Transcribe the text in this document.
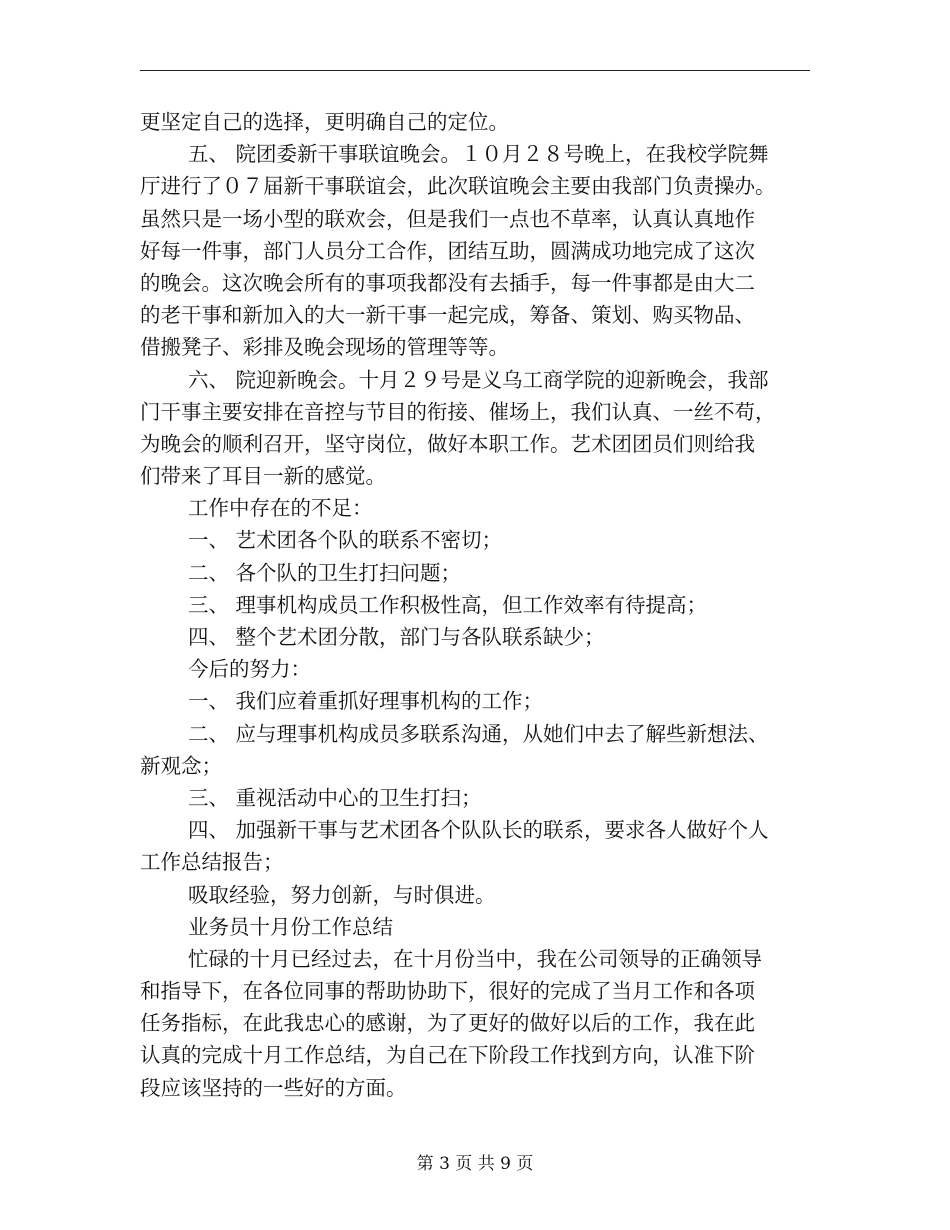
更坚定自己的选择，更明确自己的定位。
五、 院团委新干事联谊晚会。１０月２８号晚上，在我校学院舞
厅进行了０７届新干事联谊会，此次联谊晚会主要由我部门负责操办。
虽然只是一场小型的联欢会，但是我们一点也不草率，认真认真地作
好每一件事，部门人员分工合作，团结互助，圆满成功地完成了这次
的晚会。这次晚会所有的事项我都没有去插手，每一件事都是由大二
的老干事和新加入的大一新干事一起完成，筹备、策划、购买物品、
借搬凳子、彩排及晚会现场的管理等等。
六、 院迎新晚会。十月２９号是义乌工商学院的迎新晚会，我部
门干事主要安排在音控与节目的衔接、催场上，我们认真、一丝不苟，
为晚会的顺利召开，坚守岗位，做好本职工作。艺术团团员们则给我
们带来了耳目一新的感觉。
工作中存在的不足：
一、 艺术团各个队的联系不密切；
二、 各个队的卫生打扫问题；
三、 理事机构成员工作积极性高，但工作效率有待提高；
四、 整个艺术团分散，部门与各队联系缺少；
今后的努力：
一、 我们应着重抓好理事机构的工作；
二、 应与理事机构成员多联系沟通，从她们中去了解些新想法、
新观念；
三、 重视活动中心的卫生打扫；
四、 加强新干事与艺术团各个队队长的联系，要求各人做好个人
工作总结报告；
吸取经验，努力创新，与时俱进。
业务员十月份工作总结
忙碌的十月已经过去，在十月份当中，我在公司领导的正确领导
和指导下，在各位同事的帮助协助下，很好的完成了当月工作和各项
任务指标，在此我忠心的感谢，为了更好的做好以后的工作，我在此
认真的完成十月工作总结，为自己在下阶段工作找到方向，认准下阶
段应该坚持的一些好的方面。
第 3 页 共 9 页
